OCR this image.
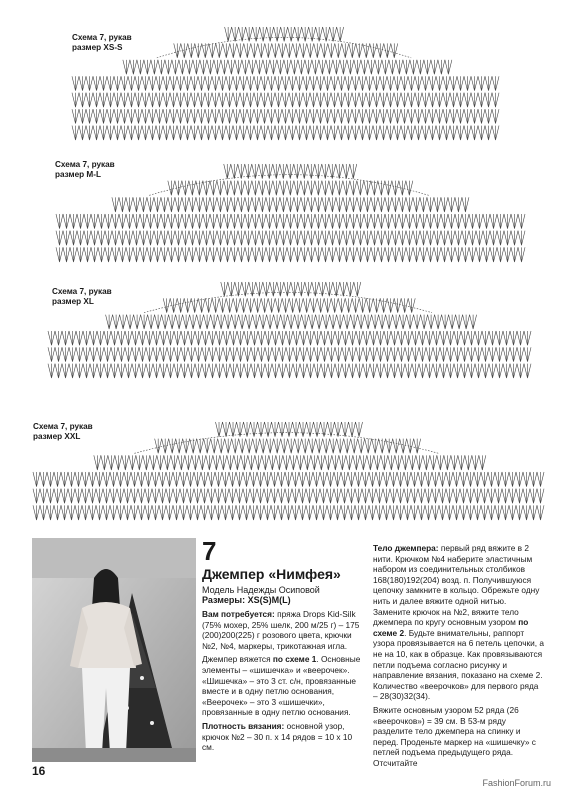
Схема 7, рукав
размер XS-S
Схема 7, рукав
размер M-L
Схема 7, рукав
размер XL
Схема 7, рукав
размер XXL
7
Джемпер «Нимфея»
Модель Надежды Осиповой
Размеры: XS(S)M(L)

Вам потребуется: пряжа Drops Kid-Silk (75% мохер, 25% шелк, 200 м/25 г) – 175 (200)200(225) г розового цвета, крючки №2, №4, маркеры, трикотажная игла.

Джемпер вяжется по схеме 1. Основные элементы – «шишечка» и «веерочек». «Шишечка» – это 3 ст. с/н, провязанные вместе и в одну петлю основания, «Веерочек» – это 3 «шишечки», провязанные в одну петлю основания.

Плотность вязания: основной узор, крючок №2 – 30 п. х 14 рядов = 10 х 10 см.

Тело джемпера: первый ряд вяжите в 2 нити. Крючком №4 наберите эластичным набором из соединительных столбиков 168(180)192(204) возд. п. Получившуюся цепочку замкните в кольцо. Обрежьте одну нить и далее вяжите одной нитью. Замените крючок на №2, вяжите тело джемпера по кругу основным узором по схеме 2. Будьте внимательны, раппорт узора провязывается на 6 петель цепочки, а не на 10, как в образце. Как провязываются петли подъема согласно рисунку и направление вязания, показано на схеме 2. Количество «веерочков» для первого ряда – 28(30)32(34).

Вяжите основным узором 52 ряда (26 «веерочков») = 39 см. В 53-м ряду разделите тело джемпера на спинку и перед. Проденьте маркер на «шишечку» с петлей подъема предыдущего ряда. Отсчитайте

16
FashionForum.ru
